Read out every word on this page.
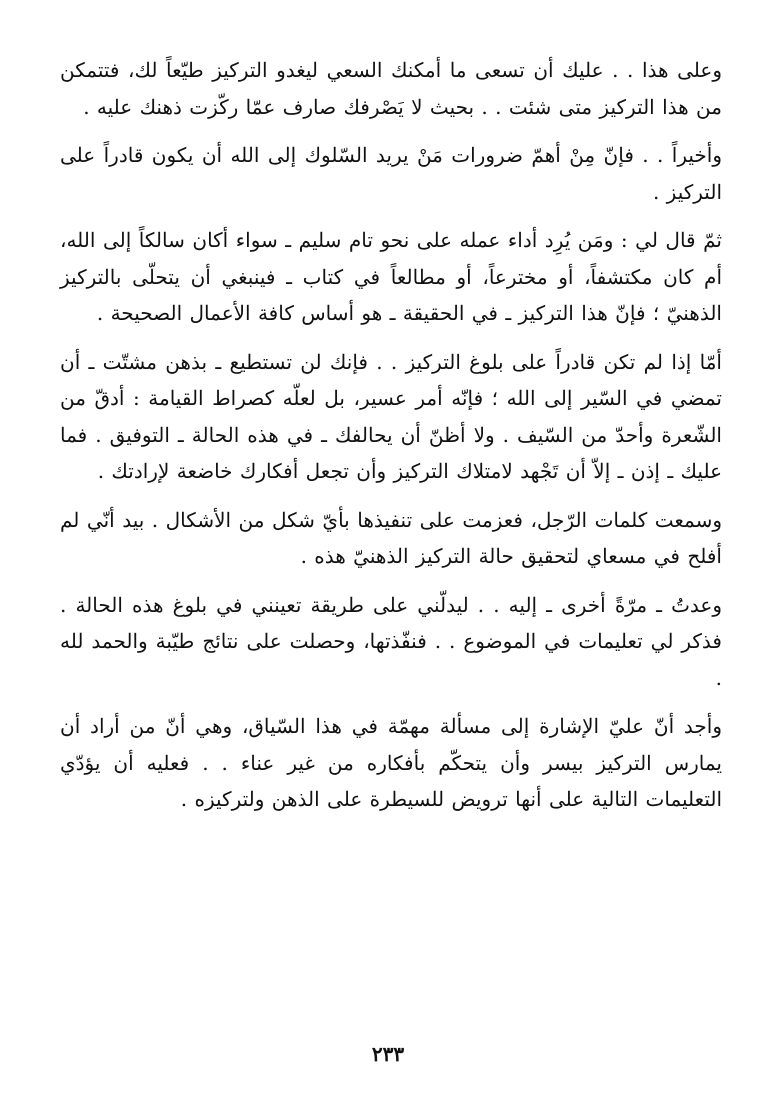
وعلى هذا . . عليك أن تسعى ما أمكنك السعي ليغدو التركيز طيّعاً لك، فتتمكن من هذا التركيز متى شئت . . بحيث لا يَصْرفك صارف عمّا ركّزت ذهنك عليه .

وأخيراً . . فإنّ مِنْ أهمّ ضرورات مَنْ يريد السّلوك إلى الله أن يكون قادراً على التركيز .

ثمّ قال لي : ومَن يُرِد أداء عمله على نحو تام سليم ـ سواء أكان سالكاً إلى الله، أم كان مكتشفاً، أو مخترعاً، أو مطالعاً في كتاب ـ فينبغي أن يتحلّى بالتركيز الذهنيّ ؛ فإنّ هذا التركيز ـ في الحقيقة ـ هو أساس كافة الأعمال الصحيحة .

أمّا إذا لم تكن قادراً على بلوغ التركيز . . فإنك لن تستطيع ـ بذهن مشتّت ـ أن تمضي في السّير إلى الله ؛ فإنّه أمر عسير، بل لعلّه كصراط القيامة : أدقّ من الشّعرة وأحدّ من السّيف . ولا أظنّ أن يحالفك ـ في هذه الحالة ـ التوفيق . فما عليك ـ إذن ـ إلاّ أن تَجْهد لامتلاك التركيز وأن تجعل أفكارك خاضعة لإرادتك .

وسمعت كلمات الرّجل، فعزمت على تنفيذها بأيّ شكل من الأشكال . بيد أنّي لم أفلح في مسعاي لتحقيق حالة التركيز الذهنيّ هذه .

وعدتُ ـ مرّةً أخرى ـ إليه . . ليدلّني على طريقة تعينني في بلوغ هذه الحالة . فذكر لي تعليمات في الموضوع . . فنفّذتها، وحصلت على نتائج طيّبة والحمد لله .

وأجد أنّ عليّ الإشارة إلى مسألة مهمّة في هذا السّياق، وهي أنّ من أراد أن يمارس التركيز بيسر وأن يتحكّم بأفكاره من غير عناء . . فعليه أن يؤدّي التعليمات التالية على أنها ترويض للسيطرة على الذهن ولتركيزه .

٢٣٣
